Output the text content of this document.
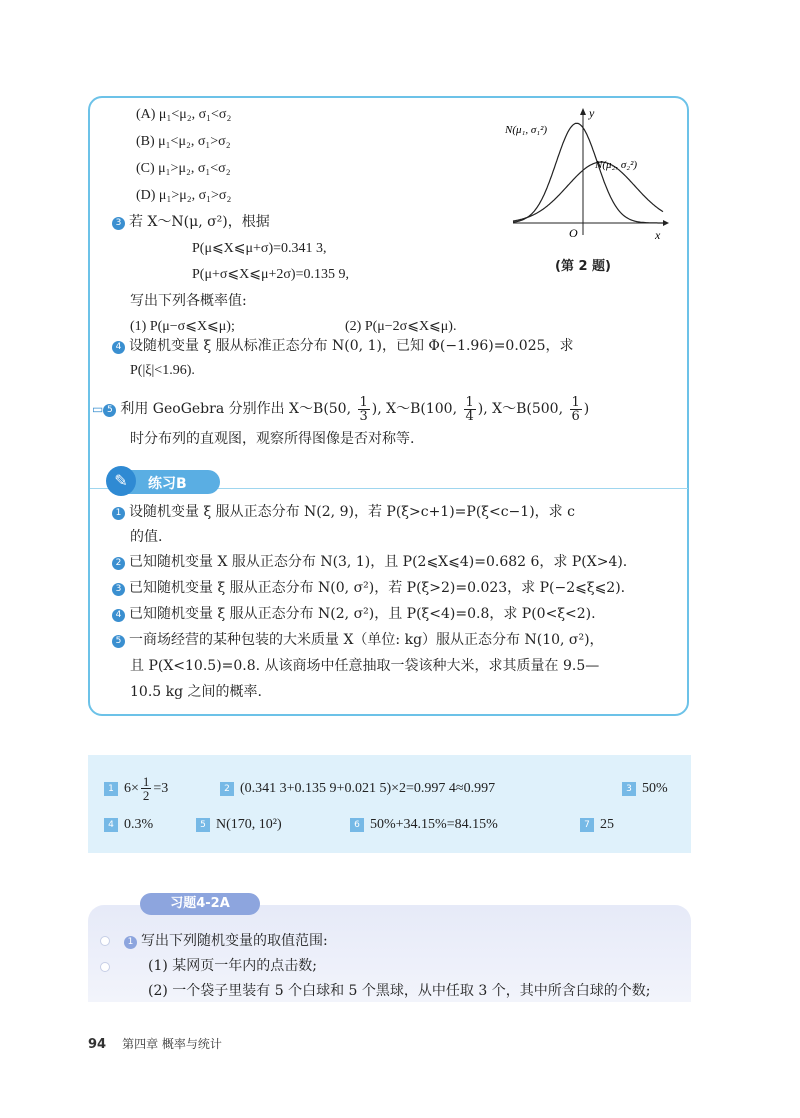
(A) μ₁<μ₂, σ₁<σ₂
(B) μ₁<μ₂, σ₁>σ₂
(C) μ₁>μ₂, σ₁<σ₂
(D) μ₁>μ₂, σ₁>σ₂
3 若 X～N(μ, σ²)，根据
P(μ⩽X⩽μ+σ)=0.341 3,
P(μ+σ⩽X⩽μ+2σ)=0.135 9,
写出下列各概率值:
(1) P(μ−σ⩽X⩽μ);	(2) P(μ−2σ⩽X⩽μ).
4 设随机变量 ξ 服从标准正态分布 N(0, 1)，已知 Φ(−1.96)=0.025，求
P(|ξ|<1.96).
▭ 5 利用 GeoGebra 分别作出 X～B(50, $\frac{1}{3}$ ), X～B(100, $\frac{1}{4}$ ), X～B(500, $\frac{1}{6}$ )
时分布列的直观图，观察所得图像是否对称等.
N(μ₁, σ₁²)
N(μ₂, σ₂²)
y
x
O
(第 2 题)
✎	练习B
1 设随机变量 ξ 服从正态分布 N(2, 9)，若 P(ξ>c+1)=P(ξ<c−1)，求 c
的值.
2 已知随机变量 X 服从正态分布 N(3, 1)，且 P(2⩽X⩽4)=0.682 6，求 P(X>4).
3 已知随机变量 ξ 服从正态分布 N(0, σ²)，若 P(ξ>2)=0.023，求 P(−2⩽ξ⩽2).
4 已知随机变量 ξ 服从正态分布 N(2, σ²)，且 P(ξ<4)=0.8，求 P(0<ξ<2).
5 一商场经营的某种包装的大米质量 X（单位: kg）服从正态分布 N(10, σ²)，
且 P(X<10.5)=0.8. 从该商场中任意抽取一袋该种大米，求其质量在 9.5—
10.5 kg 之间的概率.
1 $6\times \frac{1}{2} =3$	2 (0.341 3+0.135 9+0.021 5)×2=0.997 4≈0.997	3 50%
4 0.3%	5 N(170, 10²)	6 50%+34.15%=84.15%	7 25
习题4-2A
1 写出下列随机变量的取值范围:
(1) 某网页一年内的点击数;
(2) 一个袋子里装有 5 个白球和 5 个黑球，从中任取 3 个，其中所含白球的个数;
94 第四章 概率与统计
